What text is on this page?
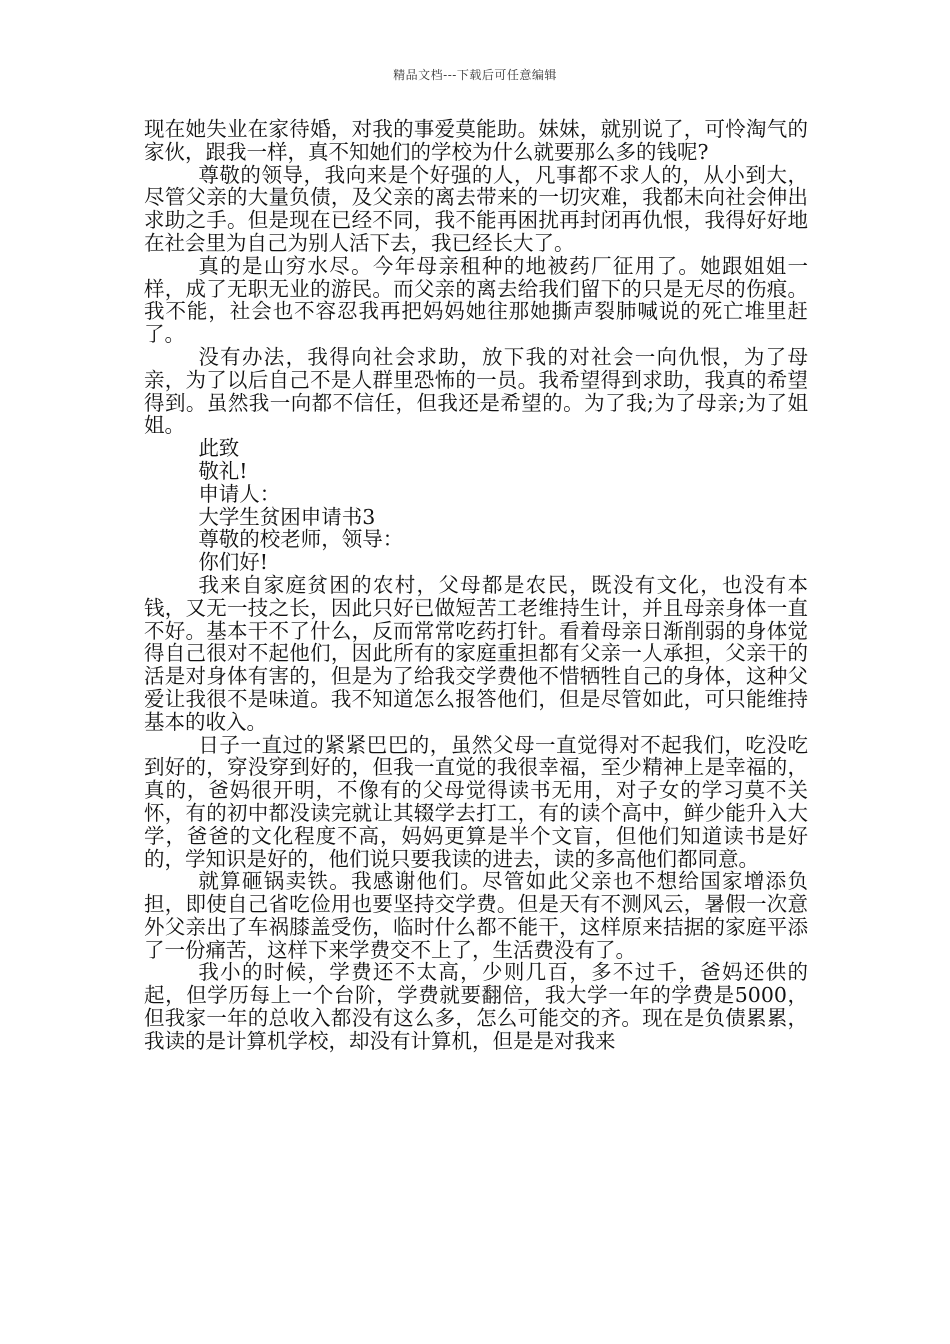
精品文档---下载后可任意编辑

现在她失业在家待婚，对我的事爱莫能助。妹妹，就别说了，可怜淘气的家伙，跟我一样，真不知她们的学校为什么就要那么多的钱呢?

尊敬的领导，我向来是个好强的人，凡事都不求人的，从小到大，尽管父亲的大量负债，及父亲的离去带来的一切灾难，我都未向社会伸出求助之手。但是现在已经不同，我不能再困扰再封闭再仇恨，我得好好地在社会里为自己为别人活下去，我已经长大了。

真的是山穷水尽。今年母亲租种的地被药厂征用了。她跟姐姐一样，成了无职无业的游民。而父亲的离去给我们留下的只是无尽的伤痕。我不能，社会也不容忍我再把妈妈她往那她撕声裂肺喊说的死亡堆里赶了。

没有办法，我得向社会求助，放下我的对社会一向仇恨，为了母亲，为了以后自己不是人群里恐怖的一员。我希望得到求助，我真的希望得到。虽然我一向都不信任，但我还是希望的。为了我;为了母亲;为了姐姐。

此致

敬礼!

申请人：

大学生贫困申请书3

尊敬的校老师，领导：

你们好!

我来自家庭贫困的农村，父母都是农民，既没有文化，也没有本钱，又无一技之长，因此只好已做短苦工老维持生计，并且母亲身体一直不好。基本干不了什么，反而常常吃药打针。看着母亲日渐削弱的身体觉得自己很对不起他们，因此所有的家庭重担都有父亲一人承担，父亲干的活是对身体有害的，但是为了给我交学费他不惜牺牲自己的身体，这种父爱让我很不是味道。我不知道怎么报答他们，但是尽管如此，可只能维持基本的收入。

日子一直过的紧紧巴巴的，虽然父母一直觉得对不起我们，吃没吃到好的，穿没穿到好的，但我一直觉的我很幸福，至少精神上是幸福的，真的，爸妈很开明，不像有的父母觉得读书无用，对子女的学习莫不关怀，有的初中都没读完就让其辍学去打工，有的读个高中，鲜少能升入大学，爸爸的文化程度不高，妈妈更算是半个文盲，但他们知道读书是好的，学知识是好的，他们说只要我读的进去，读的多高他们都同意。

就算砸锅卖铁。我感谢他们。尽管如此父亲也不想给国家增添负担，即使自己省吃俭用也要坚持交学费。但是天有不测风云，暑假一次意外父亲出了车祸膝盖受伤，临时什么都不能干，这样原来拮据的家庭平添了一份痛苦，这样下来学费交不上了，生活费没有了。

我小的时候，学费还不太高，少则几百，多不过千，爸妈还供的起，但学历每上一个台阶，学费就要翻倍，我大学一年的学费是5000，但我家一年的总收入都没有这么多，怎么可能交的齐。现在是负债累累，我读的是计算机学校，却没有计算机，但是是对我来
